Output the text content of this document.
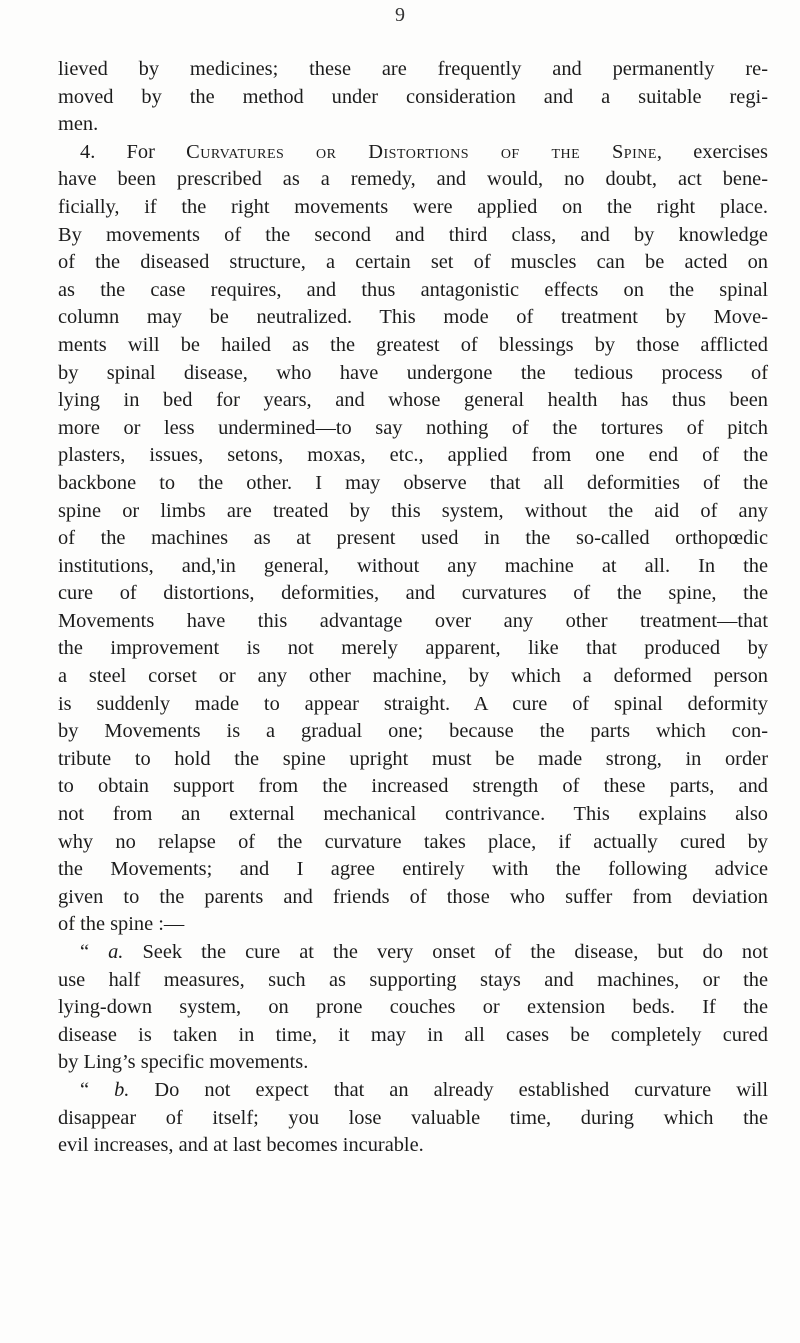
9
lieved by medicines; these are frequently and permanently re-
moved by the method under consideration and a suitable regi-
men.
4. For Curvatures or Distortions of the Spine, exercises
have been prescribed as a remedy, and would, no doubt, act bene-
ficially, if the right movements were applied on the right place.
By movements of the second and third class, and by knowledge
of the diseased structure, a certain set of muscles can be acted on
as the case requires, and thus antagonistic effects on the spinal
column may be neutralized. This mode of treatment by Move-
ments will be hailed as the greatest of blessings by those afflicted
by spinal disease, who have undergone the tedious process of
lying in bed for years, and whose general health has thus been
more or less undermined—to say nothing of the tortures of pitch
plasters, issues, setons, moxas, etc., applied from one end of the
backbone to the other. I may observe that all deformities of the
spine or limbs are treated by this system, without the aid of any
of the machines as at present used in the so-called orthopœdic
institutions, and,'in general, without any machine at all. In the
cure of distortions, deformities, and curvatures of the spine, the
Movements have this advantage over any other treatment—that
the improvement is not merely apparent, like that produced by
a steel corset or any other machine, by which a deformed person
is suddenly made to appear straight. A cure of spinal deformity
by Movements is a gradual one; because the parts which con-
tribute to hold the spine upright must be made strong, in order
to obtain support from the increased strength of these parts, and
not from an external mechanical contrivance. This explains also
why no relapse of the curvature takes place, if actually cured by
the Movements; and I agree entirely with the following advice
given to the parents and friends of those who suffer from deviation
of the spine :—
“ a. Seek the cure at the very onset of the disease, but do not
use half measures, such as supporting stays and machines, or the
lying-down system, on prone couches or extension beds. If the
disease is taken in time, it may in all cases be completely cured
by Ling’s specific movements.
“ b. Do not expect that an already established curvature will
disappear of itself; you lose valuable time, during which the
evil increases, and at last becomes incurable.
